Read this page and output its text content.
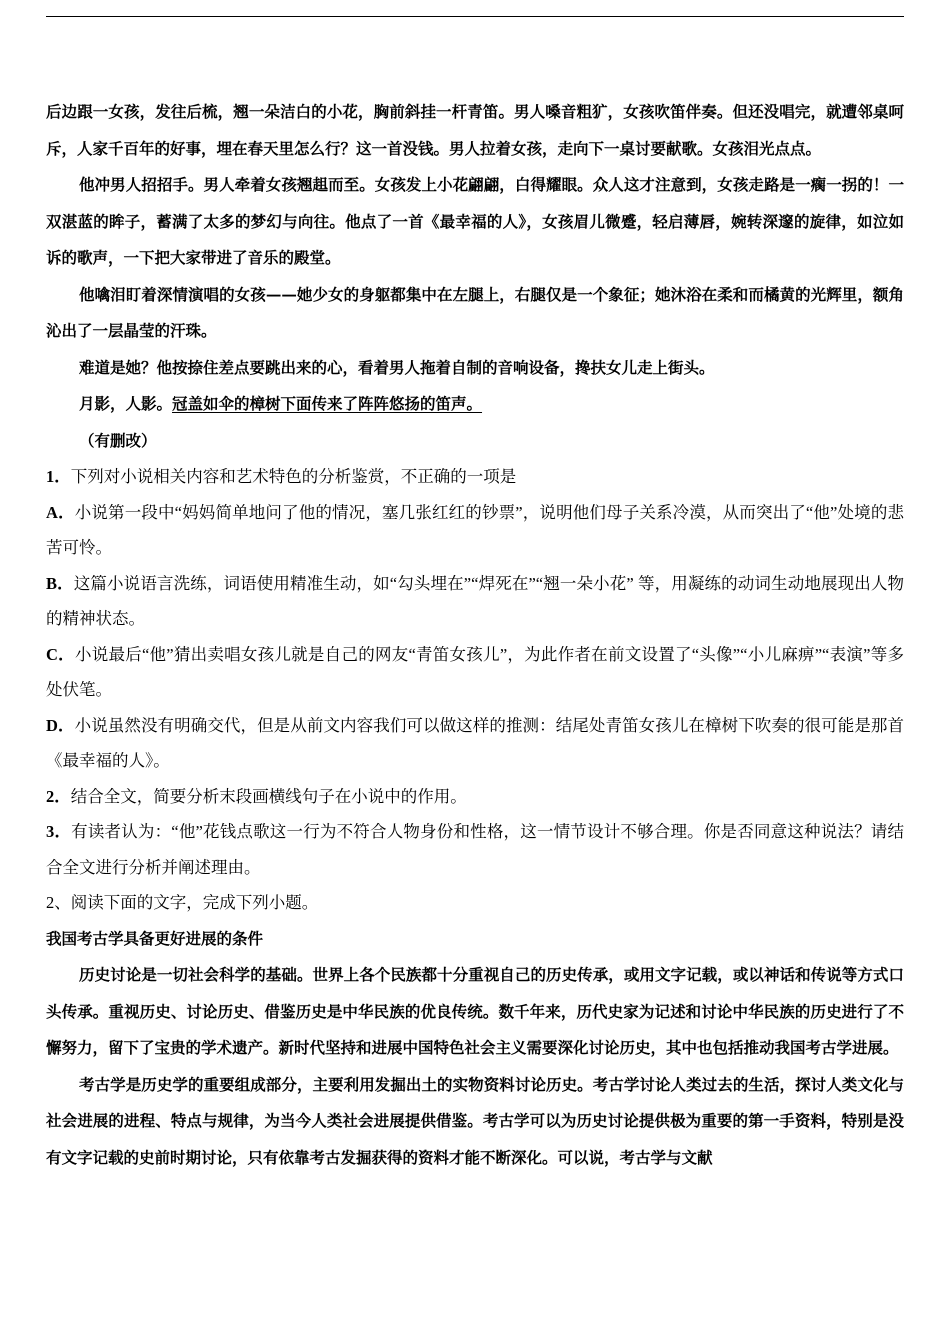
后边跟一女孩，发往后梳，翘一朵洁白的小花，胸前斜挂一杆青笛。男人嗓音粗犷，女孩吹笛伴奏。但还没唱完，就遭邻桌呵斥，人家千百年的好事，埋在春天里怎么行？这一首没钱。男人拉着女孩，走向下一桌讨要献歌。女孩泪光点点。

他冲男人招招手。男人牵着女孩翘趄而至。女孩发上小花翩翩，白得耀眼。众人这才注意到，女孩走路是一瘸一拐的！一双湛蓝的眸子，蓄满了太多的梦幻与向往。他点了一首《最幸福的人》，女孩眉儿微蹙，轻启薄唇，婉转深邃的旋律，如泣如诉的歌声，一下把大家带进了音乐的殿堂。

他噙泪盯着深情演唱的女孩——她少女的身躯都集中在左腿上，右腿仅是一个象征；她沐浴在柔和而橘黄的光辉里，额角沁出了一层晶莹的汗珠。

难道是她？他按捺住差点要跳出来的心，看着男人拖着自制的音响设备，搀扶女儿走上街头。

月影，人影。冠盖如伞的樟树下面传来了阵阵悠扬的笛声。

（有删改）

1．下列对小说相关内容和艺术特色的分析鉴赏，不正确的一项是

A．小说第一段中“妈妈简单地问了他的情况，塞几张红红的钞票”，说明他们母子关系冷漠，从而突出了“他”处境的悲苦可怜。

B．这篇小说语言洗练，词语使用精准生动，如“勾头埋在”“焊死在”“翘一朵小花” 等，用凝练的动词生动地展现出人物的精神状态。

C．小说最后“他”猜出卖唱女孩儿就是自己的网友“青笛女孩儿”，为此作者在前文设置了“头像”“小儿麻痹”“表演”等多处伏笔。

D．小说虽然没有明确交代，但是从前文内容我们可以做这样的推测：结尾处青笛女孩儿在樟树下吹奏的很可能是那首《最幸福的人》。

2．结合全文，简要分析末段画横线句子在小说中的作用。

3．有读者认为：“他”花钱点歌这一行为不符合人物身份和性格，这一情节设计不够合理。你是否同意这种说法？请结合全文进行分析并阐述理由。

2、阅读下面的文字，完成下列小题。

我国考古学具备更好进展的条件

历史讨论是一切社会科学的基础。世界上各个民族都十分重视自己的历史传承，或用文字记载，或以神话和传说等方式口头传承。重视历史、讨论历史、借鉴历史是中华民族的优良传统。数千年来，历代史家为记述和讨论中华民族的历史进行了不懈努力，留下了宝贵的学术遗产。新时代坚持和进展中国特色社会主义需要深化讨论历史，其中也包括推动我国考古学进展。

考古学是历史学的重要组成部分，主要利用发掘出土的实物资料讨论历史。考古学讨论人类过去的生活，探讨人类文化与社会进展的进程、特点与规律，为当今人类社会进展提供借鉴。考古学可以为历史讨论提供极为重要的第一手资料，特别是没有文字记载的史前时期讨论，只有依靠考古发掘获得的资料才能不断深化。可以说，考古学与文献
